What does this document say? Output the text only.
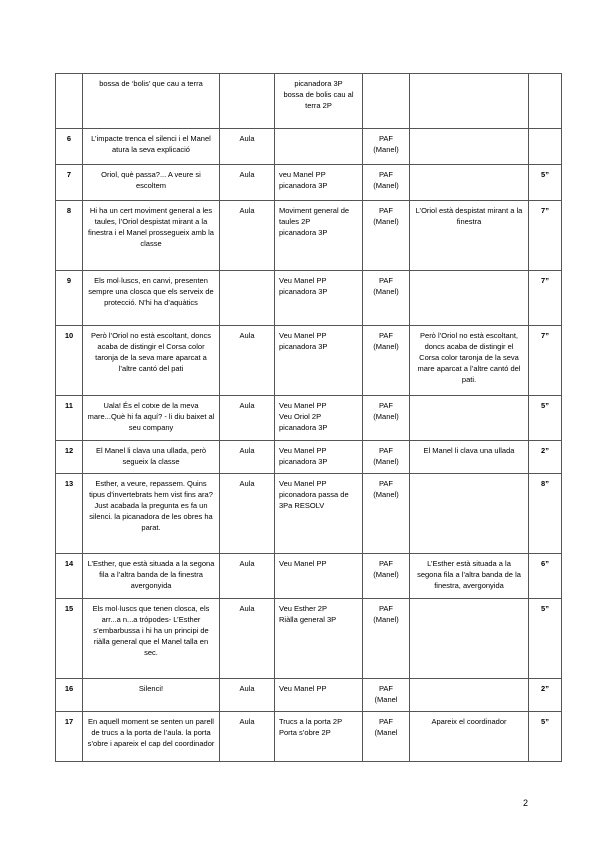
	bossa de ‘bolis’ que cau a terra		picanadora 3P
bossa de bolis cau al terra 2P			
6	L’impacte trenca el silenci i el Manel atura la seva explicació	Aula		PAF
(Manel)		
7	Oriol, què passa?... A veure si escoltem	Aula	veu Manel PP
picanadora 3P	PAF
(Manel)		5”
8	Hi ha un cert moviment general a les taules, l’Oriol despistat mirant a la finestra i el Manel prossegueix amb la classe	Aula	Moviment general de taules 2P
picanadora 3P	PAF
(Manel)	L’Oriol està despistat mirant a la finestra	7”
9	Els mol·luscs, en canvi, presenten sempre una closca que els serveix de protecció. N’hi ha d’aquàtics		Veu Manel PP
picanadora 3P	PAF
(Manel)		7”
10	Però l’Oriol no està escoltant, doncs acaba de distingir el Corsa color taronja de la seva mare aparcat a l’altre cantó del pati	Aula	Veu Manel PP
picanadora 3P	PAF
(Manel)	Però l’Oriol no està escoltant, doncs acaba de distingir el Corsa color taronja de la seva mare aparcat a l’altre cantó del pati.	7”
11	Uala! És el cotxe de la meva mare...Què hi fa aquí? - li diu baixet al seu company	Aula	Veu Manel PP
Veu Oriol 2P
picanadora 3P	PAF
(Manel)		5”
12	El Manel li clava una ullada, però segueix la classe	Aula	Veu Manel PP
picanadora 3P	PAF
(Manel)	El Manel li clava una ullada	2”
13	Esther, a veure, repassem. Quins tipus d’invertebrats hem vist fins ara? Just acabada la pregunta es fa un silenci. la picanadora de les obres ha parat.	Aula	Veu Manel PP
piconadora passa de 3Pa RESOLV	PAF
(Manel)		8”
14	L’Esther, que està situada a la segona fila a l’altra banda de la finestra avergonyida	Aula	Veu Manel PP	PAF
(Manel)	L’Esther està situada a la segona fila a l’altra banda de la finestra, avergonyida	6”
15	Els mol·luscs que tenen closca, els arr...a n...a trópodes- L’Esther s’embarbussa i hi ha un principi de riàlla general que el Manel talla en sec.	Aula	Veu Esther 2P
Riàlla general 3P	PAF
(Manel)		5”
16	Silenci!	Aula	Veu Manel PP	PAF
(Manel		2”
17	En aquell moment se senten un parell de trucs a la porta de l’aula. la porta s’obre i apareix el cap del coordinador	Aula	Trucs a la porta 2P
Porta s’obre 2P	PAF
(Manel	Apareix el coordinador	5”
2
